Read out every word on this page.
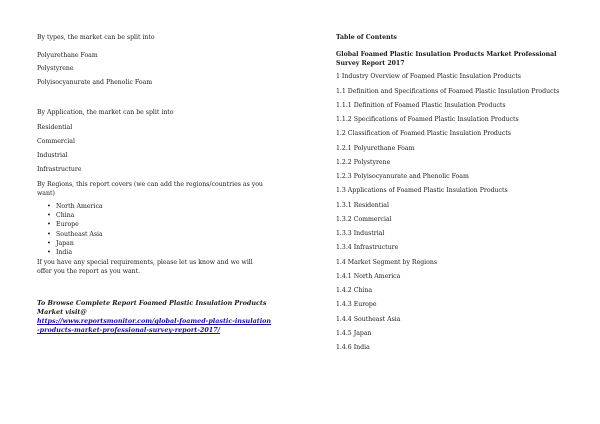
By types, the market can be split into
Polyurethane Foam
Polystyrene
Polyisocyanurate and Phenolic Foam
By Application, the market can be split into
Residential
Commercial
Industrial
Infrastructure
By Regions, this report covers (we can add the regions/countries as you want)
• North America
• China
• Europe
• Southeast Asia
• Japan
• India
If you have any special requirements, please let us know and we will offer you the report as you want.
To Browse Complete Report Foamed Plastic Insulation Products Market visit@
https://www.reportsmonitor.com/global-foamed-plastic-insulation-products-market-professional-survey-report-2017/
Table of Contents
Global Foamed Plastic Insulation Products Market Professional Survey Report 2017
1 Industry Overview of Foamed Plastic Insulation Products
1.1 Definition and Specifications of Foamed Plastic Insulation Products
1.1.1 Definition of Foamed Plastic Insulation Products
1.1.2 Specifications of Foamed Plastic Insulation Products
1.2 Classification of Foamed Plastic Insulation Products
1.2.1 Polyurethane Foam
1.2.2 Polystyrene
1.2.3 Polyisocyanurate and Phenolic Foam
1.3 Applications of Foamed Plastic Insulation Products
1.3.1 Residential
1.3.2 Commercial
1.3.3 Industrial
1.3.4 Infrastructure
1.4 Market Segment by Regions
1.4.1 North America
1.4.2 China
1.4.3 Europe
1.4.4 Southeast Asia
1.4.5 Japan
1.4.6 India
